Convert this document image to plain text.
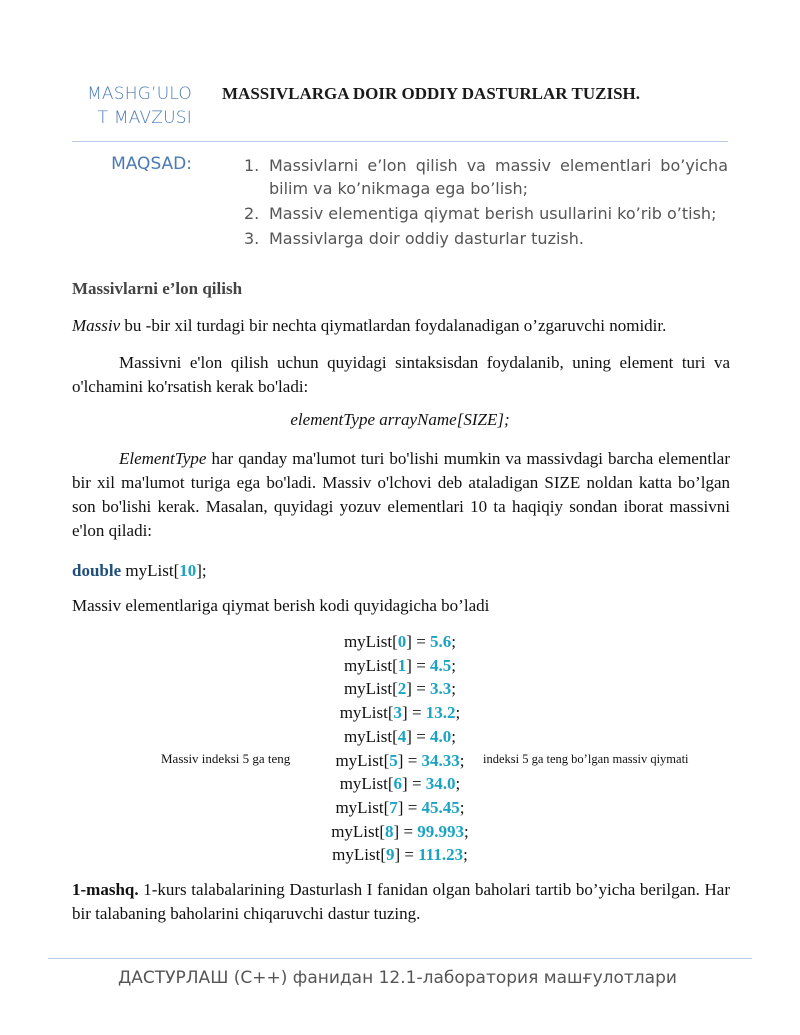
MASHG’ULO
T MAVZUSI
MASSIVLARGA DOIR ODDIY DASTURLAR TUZISH.
MAQSAD:	1. Massivlarni e’lon qilish va massiv elementlari bo’yicha bilim va ko’nikmaga ega bo’lish;
2. Massiv elementiga qiymat berish usullarini ko’rib o’tish;
3. Massivlarga doir oddiy dasturlar tuzish.
Massivlarni e’lon qilish
Massiv bu -bir xil turdagi bir nechta qiymatlardan foydalanadigan o’zgaruvchi nomidir.
Massivni e'lon qilish uchun quyidagi sintaksisdan foydalanib, uning element turi va o'lchamini ko'rsatish kerak bo'ladi:
elementType arrayName[SIZE];
ElementType har qanday ma'lumot turi bo'lishi mumkin va massivdagi barcha elementlar bir xil ma'lumot turiga ega bo'ladi. Massiv o'lchovi deb ataladigan SIZE noldan katta bo’lgan son bo'lishi kerak. Masalan, quyidagi yozuv elementlari 10 ta haqiqiy sondan iborat massivni e'lon qiladi:
double myList[10];
Massiv elementlariga qiymat berish kodi quyidagicha bo’ladi
myList[0] = 5.6;
myList[1] = 4.5;
myList[2] = 3.3;
myList[3] = 13.2;
myList[4] = 4.0;
myList[5] = 34.33;
myList[6] = 34.0;
myList[7] = 45.45;
myList[8] = 99.993;
myList[9] = 111.23;
Massiv indeksi 5 ga teng	indeksi 5 ga teng bo’lgan massiv qiymati
1-mashq. 1-kurs talabalarining Dasturlash I fanidan olgan baholari tartib bo’yicha berilgan. Har bir talabaning baholarini chiqaruvchi dastur tuzing.
ДАСТУРЛАШ (C++) фанидан 12.1-лаборатория машғулотлари
